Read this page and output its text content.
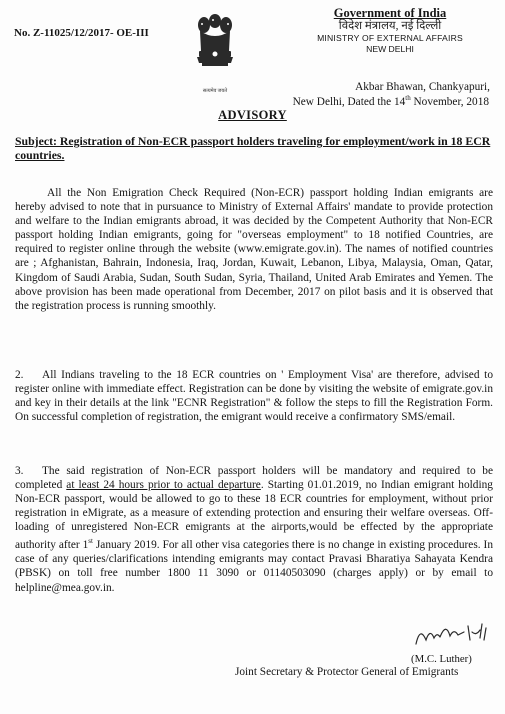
No. Z-11025/12/2017- OE-III
सत्यमेव जयते
Government of India
विदेश मंत्रालय, नई दिल्ली
MINISTRY OF EXTERNAL AFFAIRS
NEW DELHI
Akbar Bhawan, Chankyapuri,
New Delhi, Dated the 14th November, 2018
ADVISORY
Subject: Registration of Non-ECR passport holders traveling for employment/work in 18 ECR countries.
All the Non Emigration Check Required (Non-ECR) passport holding Indian emigrants are hereby advised to note that in pursuance to Ministry of External Affairs' mandate to provide protection and welfare to the Indian emigrants abroad, it was decided by the Competent Authority that Non-ECR passport holding Indian emigrants, going for "overseas employment" to 18 notified Countries, are required to register online through the website (www.emigrate.gov.in). The names of notified countries are ; Afghanistan, Bahrain, Indonesia, Iraq, Jordan, Kuwait, Lebanon, Libya, Malaysia, Oman, Qatar, Kingdom of Saudi Arabia, Sudan, South Sudan, Syria, Thailand, United Arab Emirates and Yemen. The above provision has been made operational from December, 2017 on pilot basis and it is observed that the registration process is running smoothly.
2. All Indians traveling to the 18 ECR countries on ' Employment Visa' are therefore, advised to register online with immediate effect. Registration can be done by visiting the website of emigrate.gov.in and key in their details at the link "ECNR Registration" & follow the steps to fill the Registration Form. On successful completion of registration, the emigrant would receive a confirmatory SMS/email.
3. The said registration of Non-ECR passport holders will be mandatory and required to be completed at least 24 hours prior to actual departure. Starting 01.01.2019, no Indian emigrant holding Non-ECR passport, would be allowed to go to these 18 ECR countries for employment, without prior registration in eMigrate, as a measure of extending protection and ensuring their welfare overseas. Off-loading of unregistered Non-ECR emigrants at the airports,would be effected by the appropriate authority after 1st January 2019. For all other visa categories there is no change in existing procedures. In case of any queries/clarifications intending emigrants may contact Pravasi Bharatiya Sahayata Kendra (PBSK) on toll free number 1800 11 3090 or 01140503090 (charges apply) or by email to helpline@mea.gov.in.
(M.C. Luther)
Joint Secretary & Protector General of Emigrants
